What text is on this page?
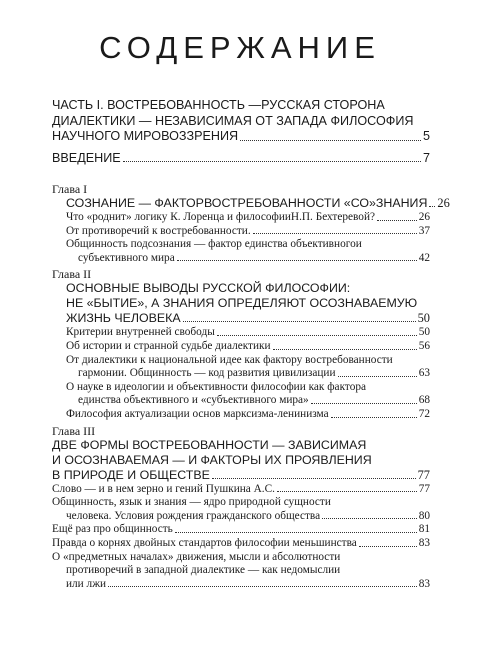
СОДЕРЖАНИЕ
ЧАСТЬ I. ВОСТРЕБОВАННОСТЬ —РУССКАЯ СТОРОНА
ДИАЛЕКТИКИ — НЕЗАВИСИМАЯ ОТ ЗАПАДА ФИЛОСОФИЯ
НАУЧНОГО МИРОВОЗЗРЕНИЯ	5
ВВЕДЕНИЕ	7
Глава I
СОЗНАНИЕ — ФАКТОРВОСТРЕБОВАННОСТИ «СО»ЗНАНИЯ 26
Что «роднит» логику К. Лоренца и философииН.П. Бехтеревой?	26
От противоречий к востребованности.	37
Общинность подсознания — фактор единства объективногои
субъективного мира	42
Глава II
ОСНОВНЫЕ ВЫВОДЫ РУССКОЙ ФИЛОСОФИИ:
НЕ «БЫТИЕ», А ЗНАНИЯ ОПРЕДЕЛЯЮТ ОСОЗНАВАЕМУЮ
ЖИЗНЬ ЧЕЛОВЕКА	50
Критерии внутренней свободы	50
Об истории и странной судьбе диалектики	56
От диалектики к национальной идее как фактору востребованности
гармонии. Общинность — код развития цивилизации	63
О науке в идеологии и объективности философии как фактора
единства объективного и «субъективного мира»	68
Философия актуализации основ марксизма-ленинизма	72
Глава III
ДВЕ ФОРМЫ ВОСТРЕБОВАННОСТИ — ЗАВИСИМАЯ
И ОСОЗНАВАЕМАЯ — И ФАКТОРЫ ИХ ПРОЯВЛЕНИЯ
В ПРИРОДЕ И ОБЩЕСТВЕ	77
Слово — и в нем зерно и гений Пушкина А.С.	77
Общинность, язык и знания — ядро природной сущности
человека. Условия рождения гражданского общества	80
Ещё раз про общинность	81
Правда о корнях двойных стандартов философии меньшинства	83
О «предметных началах» движения, мысли и абсолютности
противоречий в западной диалектике — как недомыслии
или лжи	83
